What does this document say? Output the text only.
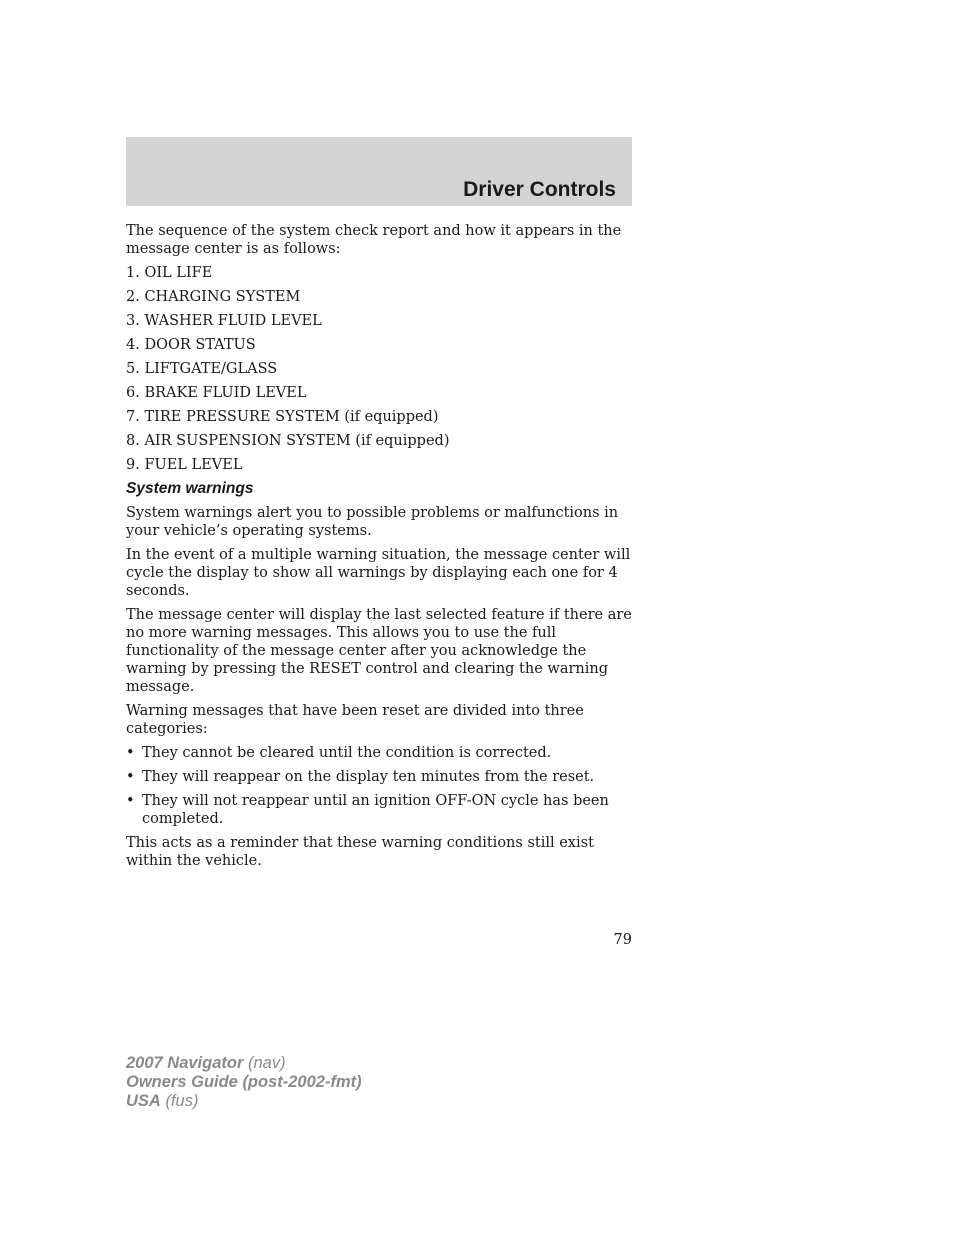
Driver Controls

The sequence of the system check report and how it appears in the message center is as follows:

1. OIL LIFE

2. CHARGING SYSTEM

3. WASHER FLUID LEVEL

4. DOOR STATUS

5. LIFTGATE/GLASS

6. BRAKE FLUID LEVEL

7. TIRE PRESSURE SYSTEM (if equipped)

8. AIR SUSPENSION SYSTEM (if equipped)

9. FUEL LEVEL

System warnings

System warnings alert you to possible problems or malfunctions in your vehicle’s operating systems.

In the event of a multiple warning situation, the message center will cycle the display to show all warnings by displaying each one for 4 seconds.

The message center will display the last selected feature if there are no more warning messages. This allows you to use the full functionality of the message center after you acknowledge the warning by pressing the RESET control and clearing the warning message.

Warning messages that have been reset are divided into three categories:

• They cannot be cleared until the condition is corrected.
• They will reappear on the display ten minutes from the reset.
• They will not reappear until an ignition OFF-ON cycle has been completed.

This acts as a reminder that these warning conditions still exist within the vehicle.

79
2007 Navigator (nav)
Owners Guide (post-2002-fmt)
USA (fus)
